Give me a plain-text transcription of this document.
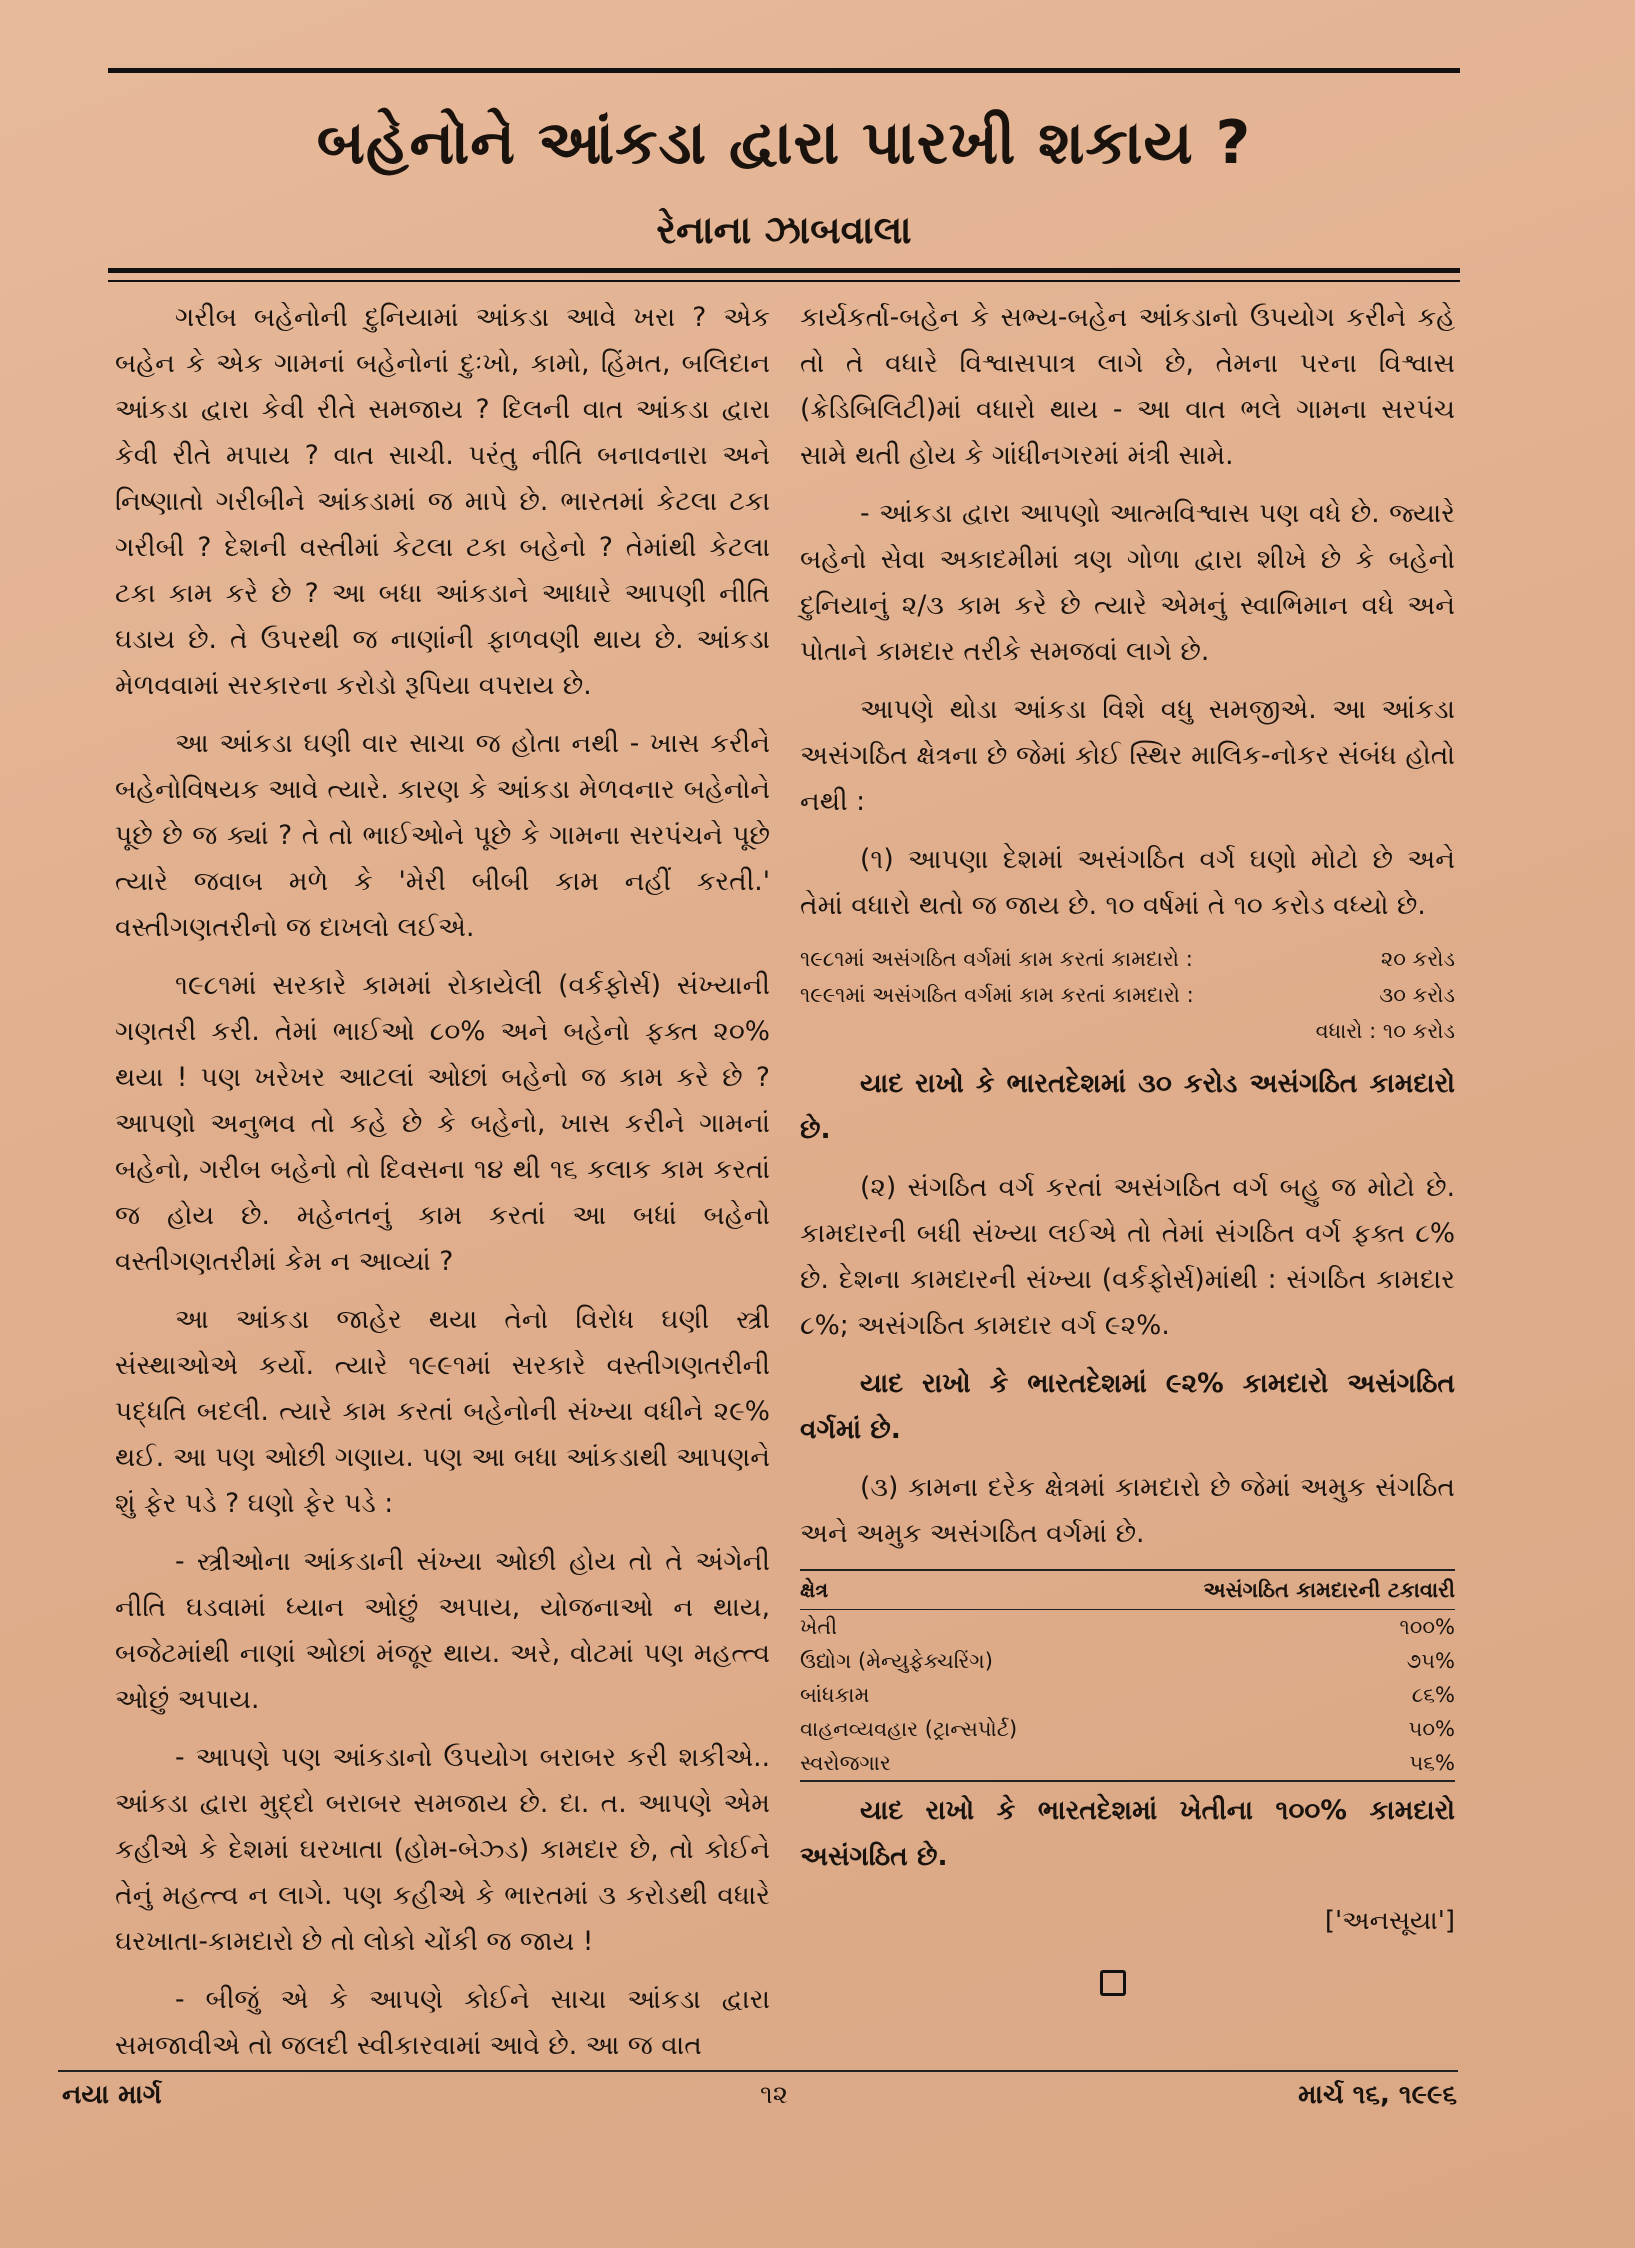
બહેનોને આંકડા દ્વારા પારખી શકાય ?
રેનાના ઝાબવાલા

ગરીબ બહેનોની દુનિયામાં આંકડા આવે ખરા ? એક બહેન કે એક ગામનાં બહેનોનાં દુઃખો, કામો, હિંમત, બલિદાન આંકડા દ્વારા કેવી રીતે સમજાય ? દિલની વાત આંકડા દ્વારા કેવી રીતે મપાય ? વાત સાચી. પરંતુ નીતિ બનાવનારા અને નિષ્ણાતો ગરીબીને આંકડામાં જ માપે છે. ભારતમાં કેટલા ટકા ગરીબી ? દેશની વસ્તીમાં કેટલા ટકા બહેનો ? તેમાંથી કેટલા ટકા કામ કરે છે ? આ બધા આંકડાને આધારે આપણી નીતિ ઘડાય છે. તે ઉપરથી જ નાણાંની ફાળવણી થાય છે. આંકડા મેળવવામાં સરકારના કરોડો રૂપિયા વપરાય છે.

આ આંકડા ઘણી વાર સાચા જ હોતા નથી - ખાસ કરીને બહેનોવિષયક આવે ત્યારે. કારણ કે આંકડા મેળવનાર બહેનોને પૂછે છે જ ક્યાં ? તે તો ભાઈઓને પૂછે કે ગામના સરપંચને પૂછે ત્યારે જવાબ મળે કે 'મેરી બીબી કામ નહીં કરતી.' વસ્તીગણતરીનો જ દાખલો લઈએ.

૧૯૮૧માં સરકારે કામમાં રોકાયેલી (વર્કફોર્સ) સંખ્યાની ગણતરી કરી. તેમાં ભાઈઓ ૮૦% અને બહેનો ફક્ત ૨૦% થયા ! પણ ખરેખર આટલાં ઓછાં બહેનો જ કામ કરે છે ? આપણો અનુભવ તો કહે છે કે બહેનો, ખાસ કરીને ગામનાં બહેનો, ગરીબ બહેનો તો દિવસના ૧૪ થી ૧૬ કલાક કામ કરતાં જ હોય છે. મહેનતનું કામ કરતાં આ બધાં બહેનો વસ્તીગણતરીમાં કેમ ન આવ્યાં ?

આ આંકડા જાહેર થયા તેનો વિરોધ ઘણી સ્ત્રી સંસ્થાઓએ કર્યો. ત્યારે ૧૯૯૧માં સરકારે વસ્તીગણતરીની પદ્ધતિ બદલી. ત્યારે કામ કરતાં બહેનોની સંખ્યા વધીને ૨૯% થઈ. આ પણ ઓછી ગણાય. પણ આ બધા આંકડાથી આપણને શું ફેર પડે ? ઘણો ફેર પડે :

- સ્ત્રીઓના આંકડાની સંખ્યા ઓછી હોય તો તે અંગેની નીતિ ઘડવામાં ધ્યાન ઓછું અપાય, યોજનાઓ ન થાય, બજેટમાંથી નાણાં ઓછાં મંજૂર થાય. અરે, વોટમાં પણ મહત્ત્વ ઓછું અપાય.

- આપણે પણ આંકડાનો ઉપયોગ બરાબર કરી શકીએ.. આંકડા દ્વારા મુદ્દો બરાબર સમજાય છે. દા. ત. આપણે એમ કહીએ કે દેશમાં ઘરખાતા (હોમ-બેઝ્ડ) કામદાર છે, તો કોઈને તેનું મહત્ત્વ ન લાગે. પણ કહીએ કે ભારતમાં ૩ કરોડથી વધારે ઘરખાતા-કામદારો છે તો લોકો ચોંકી જ જાય !

- બીજું એ કે આપણે કોઈને સાચા આંકડા દ્વારા સમજાવીએ તો જલદી સ્વીકારવામાં આવે છે. આ જ વાત

કાર્યકર્તા-બહેન કે સભ્ય-બહેન આંકડાનો ઉપયોગ કરીને કહે તો તે વધારે વિશ્વાસપાત્ર લાગે છે, તેમના પરના વિશ્વાસ (ક્રેડિબિલિટી)માં વધારો થાય - આ વાત ભલે ગામના સરપંચ સામે થતી હોય કે ગાંધીનગરમાં મંત્રી સામે.

- આંકડા દ્વારા આપણો આત્મવિશ્વાસ પણ વધે છે. જ્યારે બહેનો સેવા અકાદમીમાં ત્રણ ગોળા દ્વારા શીખે છે કે બહેનો દુનિયાનું ૨/૩ કામ કરે છે ત્યારે એમનું સ્વાભિમાન વધે અને પોતાને કામદાર તરીકે સમજવાં લાગે છે.

આપણે થોડા આંકડા વિશે વધુ સમજીએ. આ આંકડા અસંગઠિત ક્ષેત્રના છે જેમાં કોઈ સ્થિર માલિક-નોકર સંબંધ હોતો નથી :

(૧) આપણા દેશમાં અસંગઠિત વર્ગ ઘણો મોટો છે અને તેમાં વધારો થતો જ જાય છે. ૧૦ વર્ષમાં તે ૧૦ કરોડ વધ્યો છે.

૧૯૮૧માં અસંગઠિત વર્ગમાં કામ કરતાં કામદારો :	૨૦ કરોડ
૧૯૯૧માં અસંગઠિત વર્ગમાં કામ કરતાં કામદારો :	૩૦ કરોડ
વધારો : ૧૦ કરોડ

યાદ રાખો કે ભારતદેશમાં ૩૦ કરોડ અસંગઠિત કામદારો છે.

(૨) સંગઠિત વર્ગ કરતાં અસંગઠિત વર્ગ બહુ જ મોટો છે. કામદારની બધી સંખ્યા લઈએ તો તેમાં સંગઠિત વર્ગ ફક્ત ૮% છે. દેશના કામદારની સંખ્યા (વર્કફોર્સ)માંથી : સંગઠિત કામદાર ૮%; અસંગઠિત કામદાર વર્ગ ૯૨%.

યાદ રાખો કે ભારતદેશમાં ૯૨% કામદારો અસંગઠિત વર્ગમાં છે.

(૩) કામના દરેક ક્ષેત્રમાં કામદારો છે જેમાં અમુક સંગઠિત અને અમુક અસંગઠિત વર્ગમાં છે.

ક્ષેત્ર	અસંગઠિત કામદારની ટકાવારી
ખેતી	૧૦૦%
ઉદ્યોગ (મેન્યુફેક્ચરિંગ)	૭૫%
બાંધકામ	૮૬%
વાહનવ્યવહાર (ટ્રાન્સપોર્ટ)	૫૦%
સ્વરોજગાર	૫૬%

યાદ રાખો કે ભારતદેશમાં ખેતીના ૧૦૦% કામદારો અસંગઠિત છે.

['અનસૂયા']
નયા માર્ગ	૧૨	માર્ચ ૧૬, ૧૯૯૬
